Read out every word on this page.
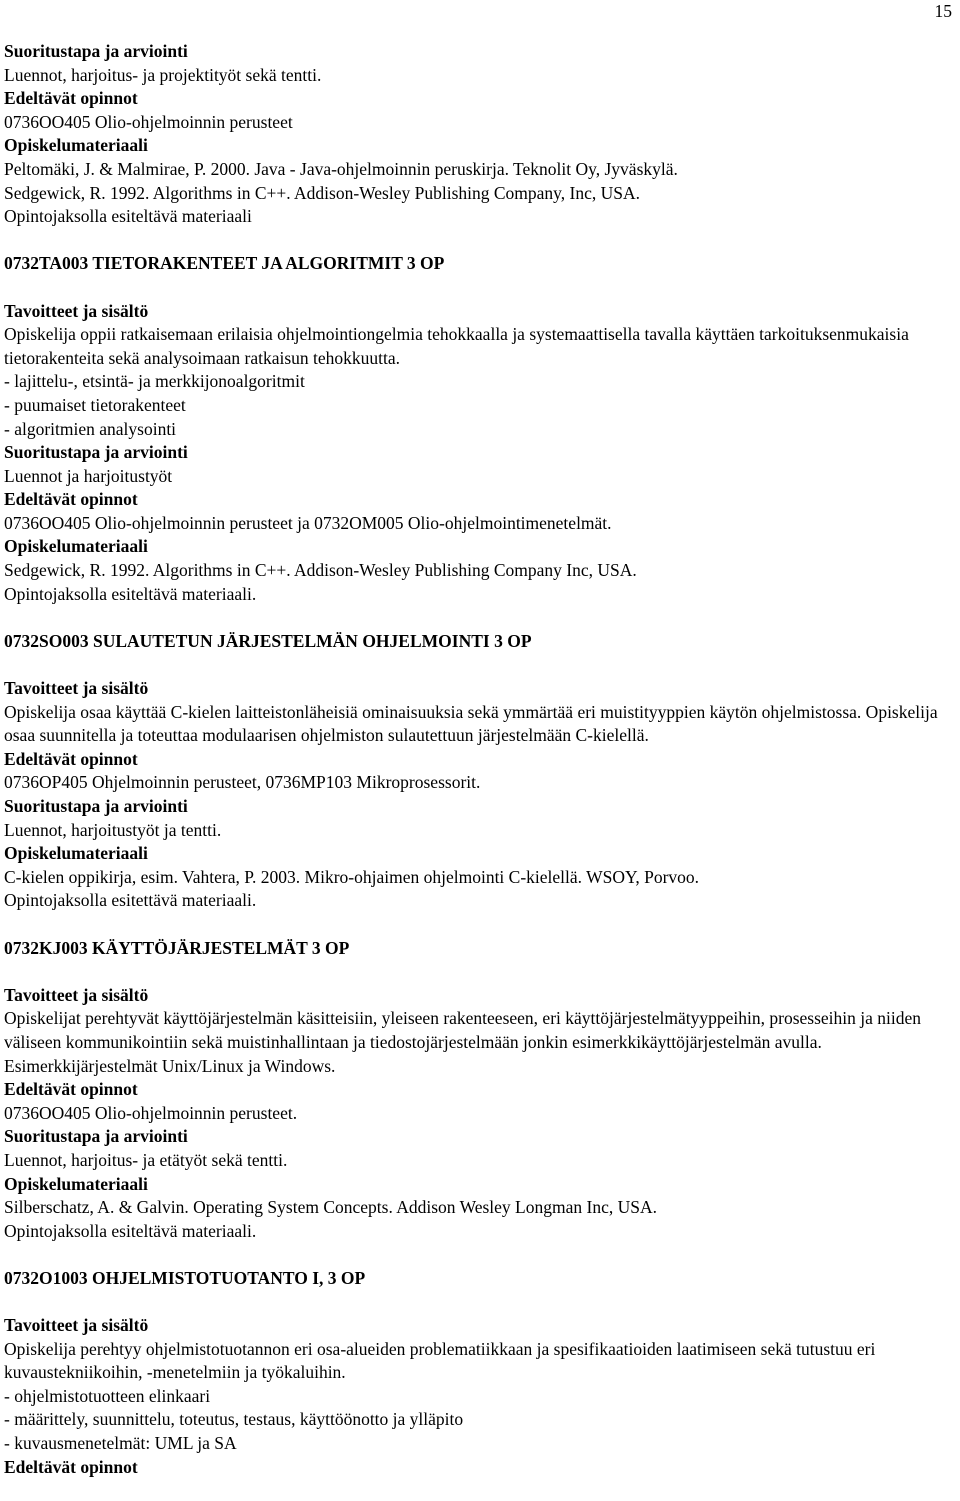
15
Suoritustapa ja arviointi
Luennot, harjoitus- ja projektityöt sekä tentti.
Edeltävät opinnot
0736OO405 Olio-ohjelmoinnin perusteet
Opiskelumateriaali
Peltomäki, J. & Malmirae, P. 2000. Java - Java-ohjelmoinnin peruskirja. Teknolit Oy, Jyväskylä.
Sedgewick, R. 1992. Algorithms in C++. Addison-Wesley Publishing Company, Inc, USA.
Opintojaksolla esiteltävä materiaali
0732TA003 TIETORAKENTEET JA ALGORITMIT 3 OP
Tavoitteet ja sisältö
Opiskelija oppii ratkaisemaan erilaisia ohjelmointiongelmia tehokkaalla ja systemaattisella tavalla käyttäen tarkoituksenmukaisia tietorakenteita sekä analysoimaan ratkaisun tehokkuutta.
- lajittelu-, etsintä- ja merkkijonoalgoritmit
- puumaiset tietorakenteet
- algoritmien analysointi
Suoritustapa ja arviointi
Luennot ja harjoitustyöt
Edeltävät opinnot
0736OO405 Olio-ohjelmoinnin perusteet ja 0732OM005 Olio-ohjelmointimenetelmät.
Opiskelumateriaali
Sedgewick, R. 1992. Algorithms in C++. Addison-Wesley Publishing Company Inc, USA.
Opintojaksolla esiteltävä materiaali.
0732SO003 SULAUTETUN JÄRJESTELMÄN OHJELMOINTI 3 OP
Tavoitteet ja sisältö
Opiskelija osaa käyttää C-kielen laitteistonläheisiä ominaisuuksia sekä ymmärtää eri muistityyppien käytön ohjelmistossa. Opiskelija osaa suunnitella ja toteuttaa modulaarisen ohjelmiston sulautettuun järjestelmään C-kielellä.
Edeltävät opinnot
0736OP405 Ohjelmoinnin perusteet, 0736MP103 Mikroprosessorit.
Suoritustapa ja arviointi
Luennot, harjoitustyöt ja tentti.
Opiskelumateriaali
C-kielen oppikirja, esim. Vahtera, P. 2003. Mikro-ohjaimen ohjelmointi C-kielellä. WSOY, Porvoo.
Opintojaksolla esitettävä materiaali.
0732KJ003 KÄYTTÖJÄRJESTELMÄT 3 OP
Tavoitteet ja sisältö
Opiskelijat perehtyvät käyttöjärjestelmän käsitteisiin, yleiseen rakenteeseen, eri käyttöjärjestelmätyyppeihin, prosesseihin ja niiden väliseen kommunikointiin sekä muistinhallintaan ja tiedostojärjestelmään jonkin esimerkkikäyttöjärjestelmän avulla. Esimerkkijärjestelmät Unix/Linux ja Windows.
Edeltävät opinnot
0736OO405 Olio-ohjelmoinnin perusteet.
Suoritustapa ja arviointi
Luennot, harjoitus- ja etätyöt sekä tentti.
Opiskelumateriaali
Silberschatz, A. & Galvin. Operating System Concepts. Addison Wesley Longman Inc, USA.
Opintojaksolla esiteltävä materiaali.
0732O1003 OHJELMISTOTUOTANTO I, 3 OP
Tavoitteet ja sisältö
Opiskelija perehtyy ohjelmistotuotannon eri osa-alueiden problematiikkaan ja spesifikaatioiden laatimiseen sekä tutustuu eri kuvaustekniikoihin, -menetelmiin ja työkaluihin.
- ohjelmistotuotteen elinkaari
- määrittely, suunnittelu, toteutus, testaus, käyttöönotto ja ylläpito
- kuvausmenetelmät: UML ja SA
Edeltävät opinnot
